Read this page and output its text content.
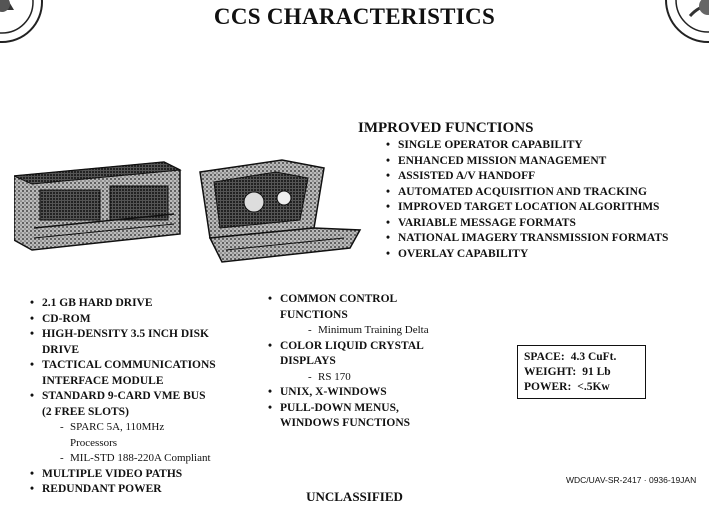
CCS CHARACTERISTICS
IMPROVED FUNCTIONS
• SINGLE OPERATOR CAPABILITY
• ENHANCED MISSION MANAGEMENT
• ASSISTED A/V HANDOFF
• AUTOMATED ACQUISITION AND TRACKING
• IMPROVED TARGET LOCATION ALGORITHMS
• VARIABLE MESSAGE FORMATS
• NATIONAL IMAGERY TRANSMISSION FORMATS
• OVERLAY CAPABILITY
• 2.1 GB HARD DRIVE
• CD-ROM
• HIGH-DENSITY 3.5 INCH DISK
DRIVE
• TACTICAL COMMUNICATIONS
INTERFACE MODULE
• STANDARD 9-CARD VME BUS
(2 FREE SLOTS)
- SPARC 5A, 110MHz
Processors
- MIL-STD 188-220A Compliant
• MULTIPLE VIDEO PATHS
• REDUNDANT POWER
• COMMON CONTROL
FUNCTIONS
- Minimum Training Delta
• COLOR LIQUID CRYSTAL
DISPLAYS
- RS 170
• UNIX, X-WINDOWS
• PULL-DOWN MENUS,
WINDOWS FUNCTIONS
SPACE: 4.3 CuFt.
WEIGHT: 91 Lb
POWER: <.5Kw
WDC/UAV-SR-2417 · 0936-19JAN
UNCLASSIFIED
